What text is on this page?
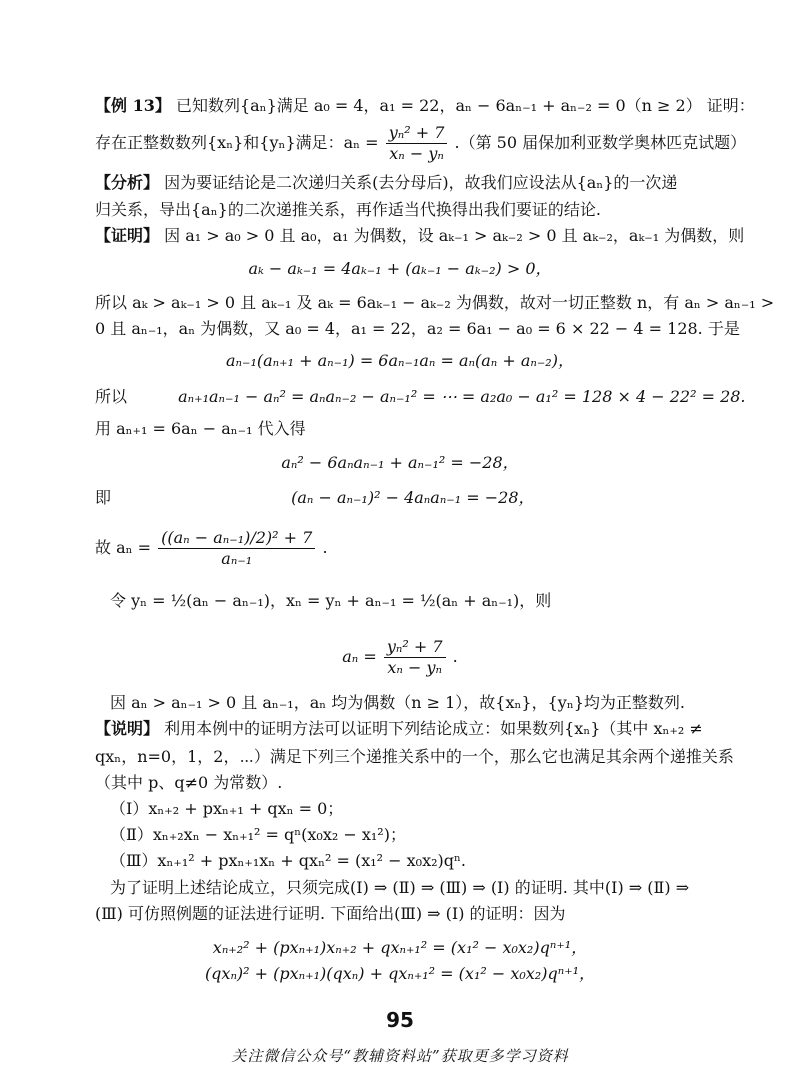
【例 13】 已知数列{aₙ}满足 a₀ = 4，a₁ = 22，aₙ − 6aₙ₋₁ + aₙ₋₂ = 0（n ≥ 2） 证明：
存在正整数数列{xₙ}和{yₙ}满足：$a_n = \frac{\text{yₙ² + 7}}{\text{xₙ − yₙ}}$ .（第 50 届保加利亚数学奥林匹克试题）
【分析】 因为要证结论是二次递归关系(去分母后)，故我们应设法从{aₙ}的一次递
归关系，导出{aₙ}的二次递推关系，再作适当代换得出我们要证的结论.
【证明】 因 a₁ > a₀ > 0 且 a₀，a₁ 为偶数，设 aₖ₋₁ > aₖ₋₂ > 0 且 aₖ₋₂，aₖ₋₁ 为偶数，则
aₖ − aₖ₋₁ = 4aₖ₋₁ + (aₖ₋₁ − aₖ₋₂) > 0，
所以 aₖ > aₖ₋₁ > 0 且 aₖ₋₁ 及 aₖ = 6aₖ₋₁ − aₖ₋₂ 为偶数，故对一切正整数 n，有 aₙ > aₙ₋₁ >
0 且 aₙ₋₁，aₙ 为偶数，又 a₀ = 4，a₁ = 22，a₂ = 6a₁ − a₀ = 6 × 22 − 4 = 128. 于是
aₙ₋₁(aₙ₊₁ + aₙ₋₁) = 6aₙ₋₁aₙ = aₙ(aₙ + aₙ₋₂)，
所以	aₙ₊₁aₙ₋₁ − aₙ² = aₙaₙ₋₂ − aₙ₋₁² = ⋯ = a₂a₀ − a₁² = 128 × 4 − 22² = 28.
用 aₙ₊₁ = 6aₙ − aₙ₋₁ 代入得
aₙ² − 6aₙaₙ₋₁ + aₙ₋₁² = −28，
即	(aₙ − aₙ₋₁)² − 4aₙaₙ₋₁ = −28，
故 $a_n = \frac{\text{((aₙ − aₙ₋₁)/2)² + 7}}{\text{aₙ₋₁}}$ .
令 yₙ = ½(aₙ − aₙ₋₁)，xₙ = yₙ + aₙ₋₁ = ½(aₙ + aₙ₋₁)，则
$a_n = \frac{\text{yₙ² + 7}}{\text{xₙ − yₙ}}$ .
因 aₙ > aₙ₋₁ > 0 且 aₙ₋₁，aₙ 均为偶数（n ≥ 1），故{xₙ}，{yₙ}均为正整数列.
【说明】 利用本例中的证明方法可以证明下列结论成立：如果数列{xₙ}（其中 xₙ₊₂ ≠
qxₙ，n=0，1，2，⋯）满足下列三个递推关系中的一个，那么它也满足其余两个递推关系
（其中 p、q≠0 为常数）.
（Ⅰ）xₙ₊₂ + pxₙ₊₁ + qxₙ = 0；
（Ⅱ）xₙ₊₂xₙ − xₙ₊₁² = qⁿ(x₀x₂ − x₁²)；
（Ⅲ）xₙ₊₁² + pxₙ₊₁xₙ + qxₙ² = (x₁² − x₀x₂)qⁿ.
为了证明上述结论成立，只须完成(Ⅰ) ⇒ (Ⅱ) ⇒ (Ⅲ) ⇒ (Ⅰ) 的证明. 其中(Ⅰ) ⇒ (Ⅱ) ⇒
(Ⅲ) 可仿照例题的证法进行证明. 下面给出(Ⅲ) ⇒ (Ⅰ) 的证明：因为
xₙ₊₂² + (pxₙ₊₁)xₙ₊₂ + qxₙ₊₁² = (x₁² − x₀x₂)qⁿ⁺¹，
(qxₙ)² + (pxₙ₊₁)(qxₙ) + qxₙ₊₁² = (x₁² − x₀x₂)qⁿ⁺¹，
95
关注微信公众号“教辅资料站”获取更多学习资料
